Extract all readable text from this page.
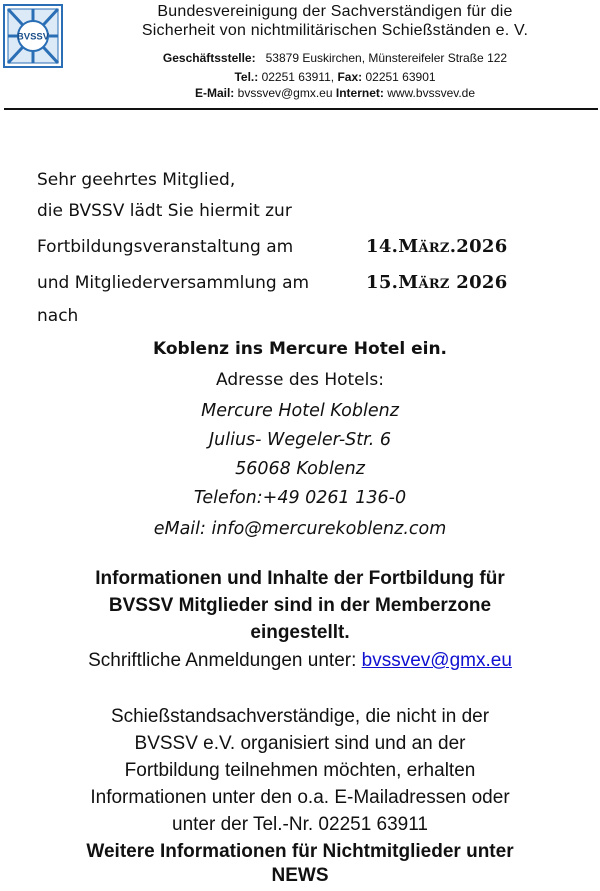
BVSSV
Bundesvereinigung der Sachverständigen für die
Sicherheit von nichtmilitärischen Schießständen e. V.
Geschäftsstelle: 53879 Euskirchen, Münstereifeler Straße 122
Tel.: 02251 63911, Fax: 02251 63901
E-Mail: bvssvev@gmx.eu Internet: www.bvssvev.de
Sehr geehrtes Mitglied,
die BVSSV lädt Sie hiermit zur
Fortbildungsveranstaltung am	14.März.2026
und Mitgliederversammlung am	15.März 2026
nach
Koblenz ins Mercure Hotel ein.
Adresse des Hotels:
Mercure Hotel Koblenz
Julius- Wegeler-Str. 6
56068 Koblenz
Telefon:+49 0261 136-0
eMail: info@mercurekoblenz.com
Informationen und Inhalte der Fortbildung für
BVSSV Mitglieder sind in der Memberzone
eingestellt.
Schriftliche Anmeldungen unter: bvssvev@gmx.eu
Schießstandsachverständige, die nicht in der
BVSSV e.V. organisiert sind und an der
Fortbildung teilnehmen möchten, erhalten
Informationen unter den o.a. E-Mailadressen oder
unter der Tel.-Nr. 02251 63911
Weitere Informationen für Nichtmitglieder unter
NEWS
